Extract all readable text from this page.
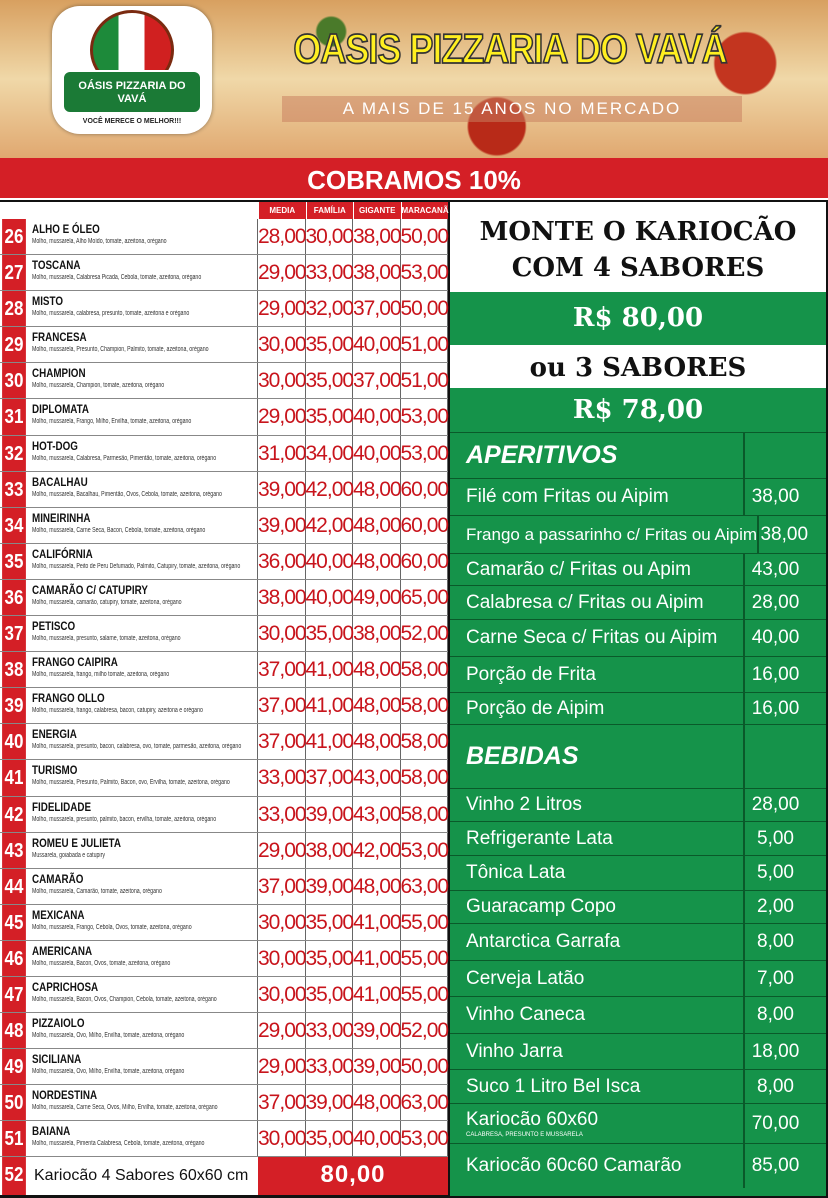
OÁSIS PIZZARIA DO VAVÁ
VOCÊ MERECE O MELHOR!!!
OASIS PIZZARIA DO VAVÁ
A MAIS DE 15 ANOS NO MERCADO
COBRAMOS 10%
MEDIA	FAMÍLIA	GIGANTE MARACANÃ
26 ALHO E ÓLEO
Molho, mussarela, Alho Moído, tomate, azeitona, orégano	28,00 30,00 38,00 50,00
27 TOSCANA
Molho, mussarela, Calabresa Picada, Cebola, tomate, azeitona, orégano	29,00 33,00 38,00 53,00
28 MISTO
Molho, mussarela, calabresa, presunto, tomate, azeitona e orégano	29,00 32,00 37,00 50,00
29 FRANCESA
Molho, mussarela, Presunto, Champion, Palmito, tomate, azeitona, orégano 30,00 35,00 40,00 51,00
30 CHAMPION
Molho, mussarela, Champion, tomate, azeitona, orégano	30,00 35,00 37,00 51,00
31 DIPLOMATA
Molho, mussarela, Frango, Milho, Ervilha, tomate, azeitona, orégano	29,00 35,00 40,00 53,00
32 HOT-DOG
Molho, mussarela, Calabresa, Parmesão, Pimentão, tomate, azeitona, orégano 31,00 34,00 40,00 53,00
33 BACALHAU
Molho, mussarela, Bacalhau, Pimentão, Ovos, Cebola, tomate, azeitona, orégano 39,00 42,00 48,00 60,00
34 MINEIRINHA
Molho, mussarela, Carne Seca, Bacon, Cebola, tomate, azeitona, orégano	39,00 42,00 48,00 60,00
35 CALIFÓRNIA
Molho, mussarela, Peito de Peru Defumado, Palmito, Catupiry, tomate, azeitona, orégano 36,00 40,00 48,00 60,00
36 CAMARÃO C/ CATUPIRY
Molho, mussarela, camarão, catupiry, tomate, azeitona, orégano	38,00 40,00 49,00 65,00
37 PETISCO
Molho, mussarela, presunto, salame, tomate, azeitona, orégano	30,00 35,00 38,00 52,00
38 FRANGO CAIPIRA
Molho, mussarela, frango, milho tomate, azeitona, orégano	37,00 41,00 48,00 58,00
39 FRANGO OLLO
Molho, mussarela, frango, calabresa, bacon, catupiry, azeitona e orégano	37,00 41,00 48,00 58,00
40 ENERGIA
Molho, mussarela, presunto, bacon, calabresa, ovo, tomate, parmesão, azeitona, orégano 37,00 41,00 48,00 58,00
41 TURISMO
Molho, mussarela, Presunto, Palmito, Bacon, ovo, Ervilha, tomate, azeitona, orégano 33,00 37,00 43,00 58,00
42 FIDELIDADE
Molho, mussarela, presunto, palmito, bacon, ervilha, tomate, azeitona, orégano 33,00 39,00 43,00 58,00
43 ROMEU E JULIETA
Mussarela, goiabada e catupiry	29,00 38,00 42,00 53,00
44 CAMARÃO
Molho, mussarela, Camarão, tomate, azeitona, orégano	37,00 39,00 48,00 63,00
45 MEXICANA
Molho, mussarela, Frango, Cebola, Ovos, tomate, azeitona, orégano	30,00 35,00 41,00 55,00
46 AMERICANA
Molho, mussarela, Bacon, Ovos, tomate, azeitona, orégano	30,00 35,00 41,00 55,00
47 CAPRICHOSA
Molho, mussarela, Bacon, Ovos, Champion, Cebola, tomate, azeitona, orégano 30,00 35,00 41,00 55,00
48 PIZZAIOLO
Molho, mussarela, Ovo, Milho, Ervilha, tomate, azeitona, orégano	29,00 33,00 39,00 52,00
49 SICILIANA
Molho, mussarela, Ovo, Milho, Ervilha, tomate, azeitona, orégano	29,00 33,00 39,00 50,00
50 NORDESTINA
Molho, mussarela, Carne Seca, Ovos, Milho, Ervilha, tomate, azeitona, orégano 37,00 39,00 48,00 63,00
51 BAIANA
Molho, mussarela, Pimenta Calabresa, Cebola, tomate, azeitona, orégano	30,00 35,00 40,00 53,00
52 Kariocão 4 Sabores 60x60 cm	80,00
MONTE O KARIOCÃO
COM 4 SABORES
R$ 80,00
ou 3 SABORES
R$ 78,00
APERITIVOS
Filé com Fritas ou Aipim	38,00
Frango a passarinho c/ Fritas ou Aipim 38,00
Camarão c/ Fritas ou Apim	43,00
Calabresa c/ Fritas ou Aipim	28,00
Carne Seca c/ Fritas ou Aipim	40,00
Porção de Frita	16,00
Porção de Aipim	16,00
BEBIDAS
Vinho 2 Litros	28,00
Refrigerante Lata	5,00
Tônica Lata	5,00
Guaracamp Copo	2,00
Antarctica Garrafa	8,00
Cerveja Latão	7,00
Vinho Caneca	8,00
Vinho Jarra	18,00
Suco 1 Litro Bel Isca	8,00
Kariocão 60x60
CALABRESA, PRESUNTO E MUSSARELA
70,00
Kariocão 60c60 Camarão	85,00
